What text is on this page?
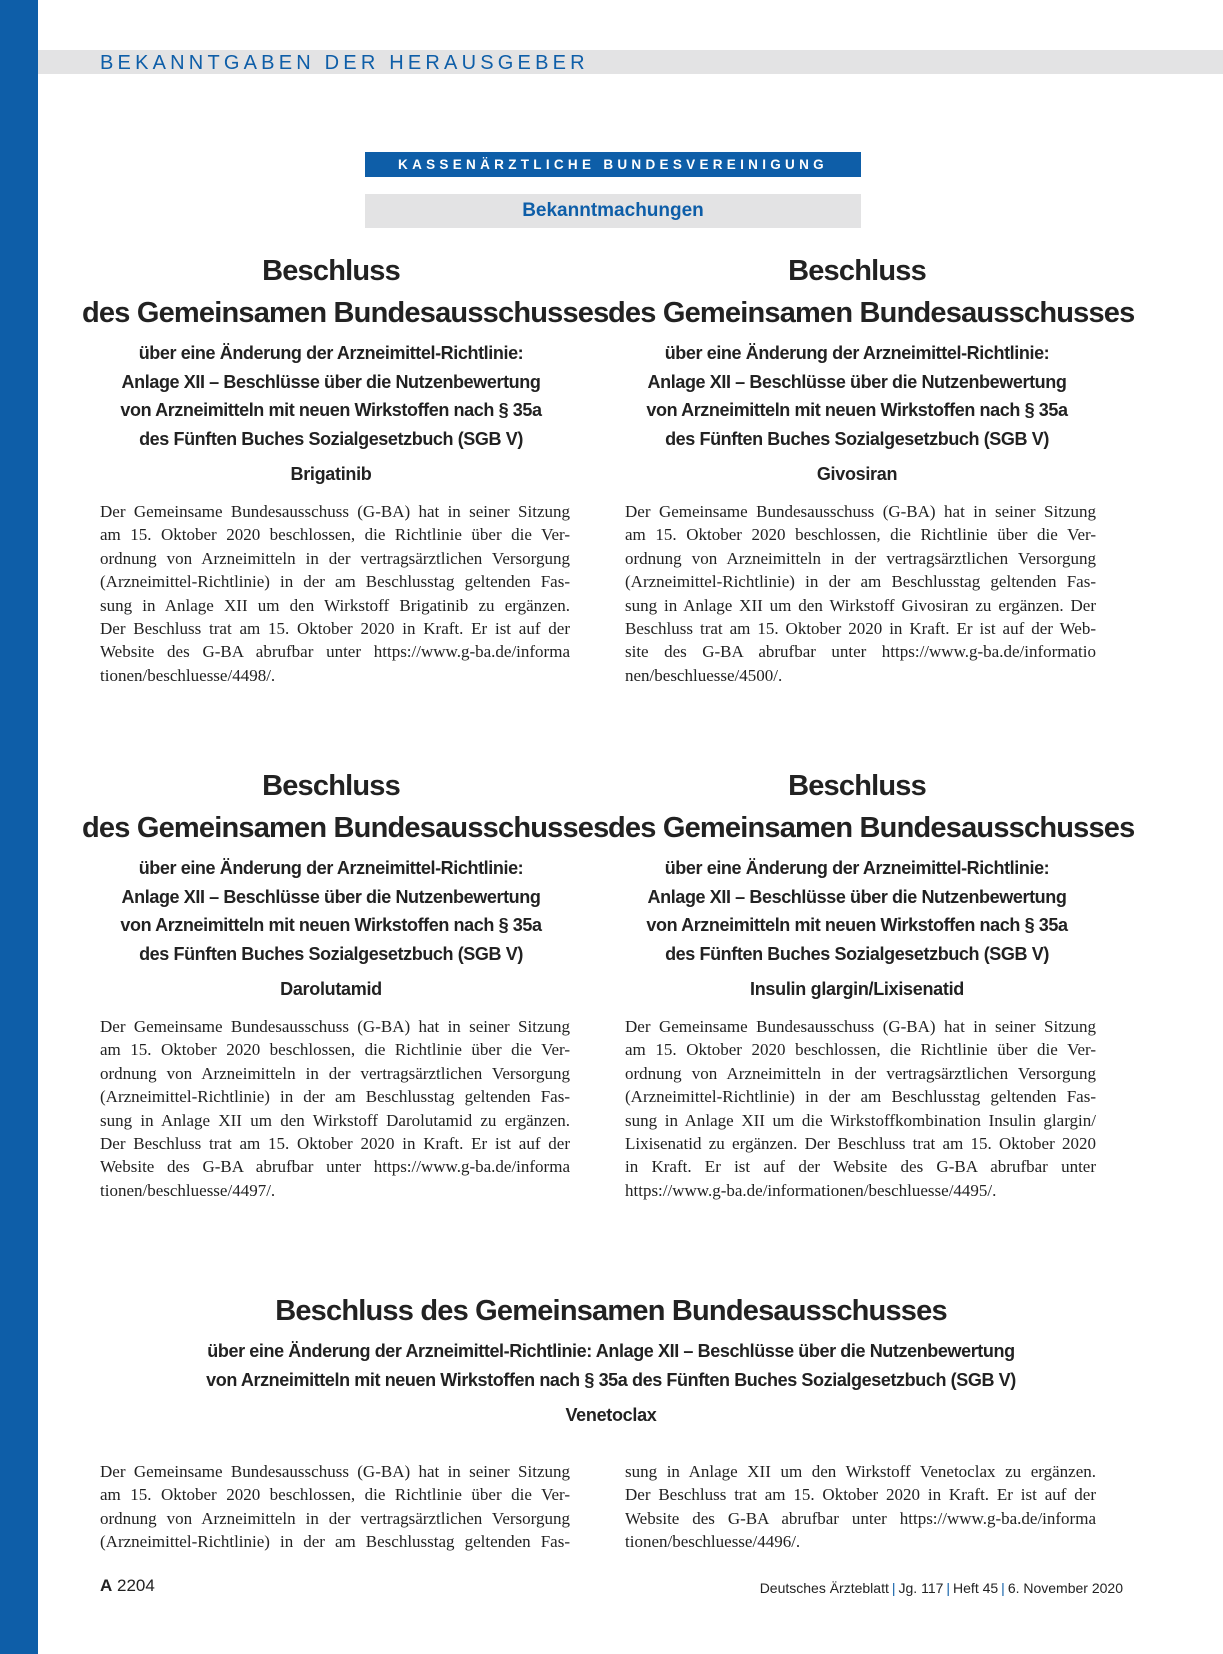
BEKANNTGABEN DER HERAUSGEBER
KASSENÄRZTLICHE BUNDESVEREINIGUNG
Bekanntmachungen
Beschluss
des Gemeinsamen Bundesausschusses
über eine Änderung der Arzneimittel-Richtlinie:
Anlage XII – Beschlüsse über die Nutzenbewertung
von Arzneimitteln mit neuen Wirkstoffen nach § 35a
des Fünften Buches Sozialgesetzbuch (SGB V)
Brigatinib
Der Gemeinsame Bundesausschuss (G-BA) hat in seiner Sitzung
am 15. Oktober 2020 beschlossen, die Richtlinie über die Ver-
ordnung von Arzneimitteln in der vertragsärztlichen Versorgung
(Arzneimittel-Richtlinie) in der am Beschlusstag geltenden Fas-
sung in Anlage XII um den Wirkstoff Brigatinib zu ergänzen.
Der Beschluss trat am 15. Oktober 2020 in Kraft. Er ist auf der
Website des G-BA abrufbar unter https://www.g-ba.de/informa
tionen/beschluesse/4498/.
Beschluss
des Gemeinsamen Bundesausschusses
über eine Änderung der Arzneimittel-Richtlinie:
Anlage XII – Beschlüsse über die Nutzenbewertung
von Arzneimitteln mit neuen Wirkstoffen nach § 35a
des Fünften Buches Sozialgesetzbuch (SGB V)
Givosiran
Der Gemeinsame Bundesausschuss (G-BA) hat in seiner Sitzung
am 15. Oktober 2020 beschlossen, die Richtlinie über die Ver-
ordnung von Arzneimitteln in der vertragsärztlichen Versorgung
(Arzneimittel-Richtlinie) in der am Beschlusstag geltenden Fas-
sung in Anlage XII um den Wirkstoff Givosiran zu ergänzen. Der
Beschluss trat am 15. Oktober 2020 in Kraft. Er ist auf der Web-
site des G-BA abrufbar unter https://www.g-ba.de/informatio
nen/beschluesse/4500/.
Beschluss
des Gemeinsamen Bundesausschusses
über eine Änderung der Arzneimittel-Richtlinie:
Anlage XII – Beschlüsse über die Nutzenbewertung
von Arzneimitteln mit neuen Wirkstoffen nach § 35a
des Fünften Buches Sozialgesetzbuch (SGB V)
Darolutamid
Der Gemeinsame Bundesausschuss (G-BA) hat in seiner Sitzung
am 15. Oktober 2020 beschlossen, die Richtlinie über die Ver-
ordnung von Arzneimitteln in der vertragsärztlichen Versorgung
(Arzneimittel-Richtlinie) in der am Beschlusstag geltenden Fas-
sung in Anlage XII um den Wirkstoff Darolutamid zu ergänzen.
Der Beschluss trat am 15. Oktober 2020 in Kraft. Er ist auf der
Website des G-BA abrufbar unter https://www.g-ba.de/informa
tionen/beschluesse/4497/.
Beschluss
des Gemeinsamen Bundesausschusses
über eine Änderung der Arzneimittel-Richtlinie:
Anlage XII – Beschlüsse über die Nutzenbewertung
von Arzneimitteln mit neuen Wirkstoffen nach § 35a
des Fünften Buches Sozialgesetzbuch (SGB V)
Insulin glargin/Lixisenatid
Der Gemeinsame Bundesausschuss (G-BA) hat in seiner Sitzung
am 15. Oktober 2020 beschlossen, die Richtlinie über die Ver-
ordnung von Arzneimitteln in der vertragsärztlichen Versorgung
(Arzneimittel-Richtlinie) in der am Beschlusstag geltenden Fas-
sung in Anlage XII um die Wirkstoffkombination Insulin glargin/
Lixisenatid zu ergänzen. Der Beschluss trat am 15. Oktober 2020
in Kraft. Er ist auf der Website des G-BA abrufbar unter
https://www.g-ba.de/informationen/beschluesse/4495/.
Beschluss des Gemeinsamen Bundesausschusses
über eine Änderung der Arzneimittel-Richtlinie: Anlage XII – Beschlüsse über die Nutzenbewertung
von Arzneimitteln mit neuen Wirkstoffen nach § 35a des Fünften Buches Sozialgesetzbuch (SGB V)
Venetoclax
Der Gemeinsame Bundesausschuss (G-BA) hat in seiner Sitzung
am 15. Oktober 2020 beschlossen, die Richtlinie über die Ver-
ordnung von Arzneimitteln in der vertragsärztlichen Versorgung
(Arzneimittel-Richtlinie) in der am Beschlusstag geltenden Fas-
sung in Anlage XII um den Wirkstoff Venetoclax zu ergänzen.
Der Beschluss trat am 15. Oktober 2020 in Kraft. Er ist auf der
Website des G-BA abrufbar unter https://www.g-ba.de/informa
tionen/beschluesse/4496/.
A 2204	Deutsches Ärzteblatt | Jg. 117 | Heft 45 | 6. November 2020
